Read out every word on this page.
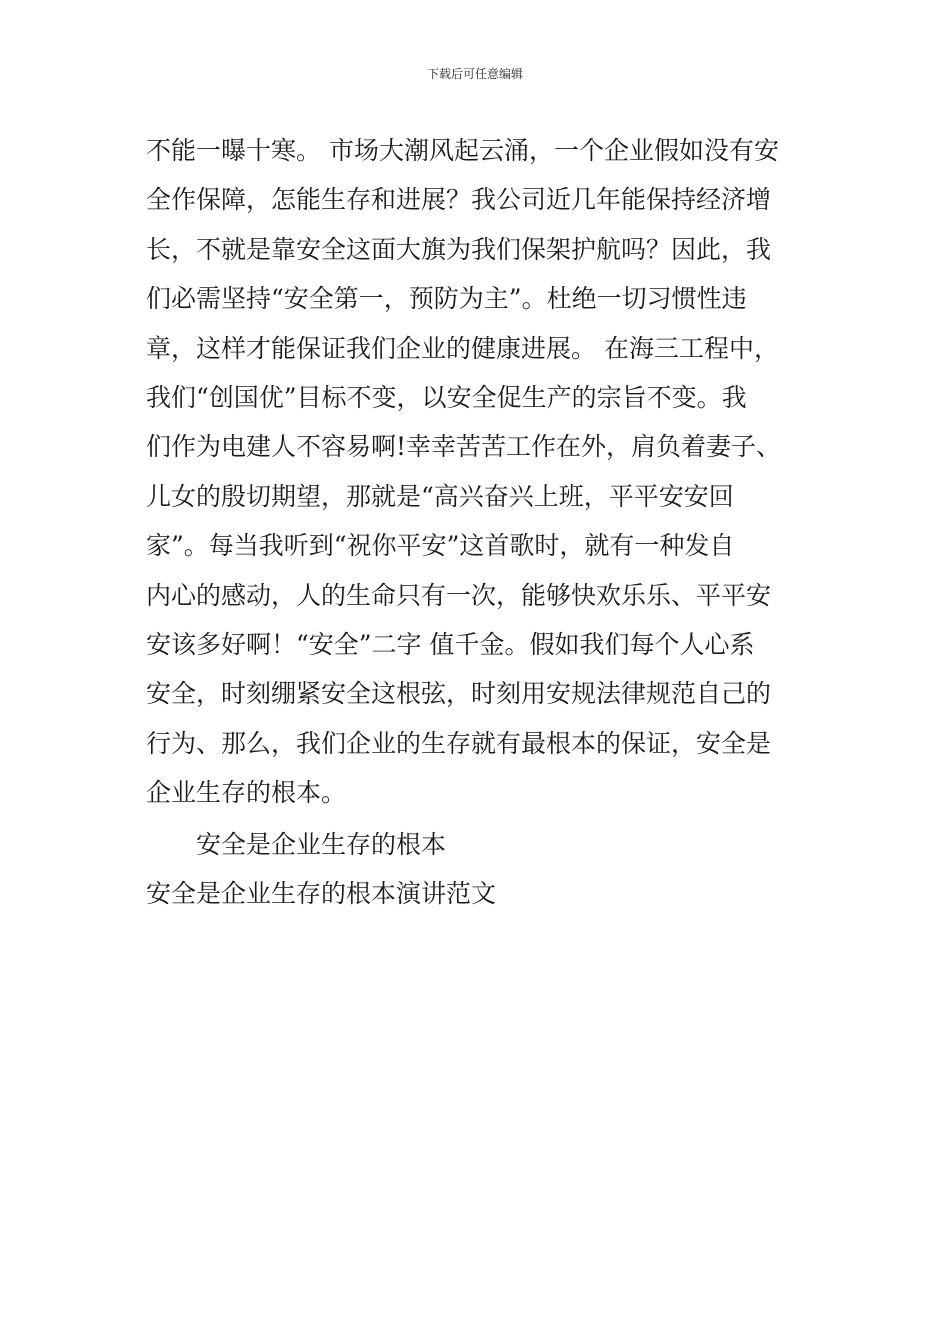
下载后可任意编辑
不能一曝十寒。 市场大潮风起云涌，一个企业假如没有安
全作保障，怎能生存和进展？我公司近几年能保持经济增
长，不就是靠安全这面大旗为我们保架护航吗？因此，我
们必需坚持“安全第一，预防为主”。杜绝一切习惯性违
章，这样才能保证我们企业的健康进展。 在海三工程中，
我们“创国优”目标不变，以安全促生产的宗旨不变。我
们作为电建人不容易啊!幸幸苦苦工作在外，肩负着妻子、
儿女的殷切期望，那就是“高兴奋兴上班，平平安安回
家”。每当我听到“祝你平安”这首歌时，就有一种发自
内心的感动，人的生命只有一次，能够快欢乐乐、平平安
安该多好啊！“安全”二字 值千金。假如我们每个人心系
安全，时刻绷紧安全这根弦，时刻用安规法律规范自己的
行为、那么，我们企业的生存就有最根本的保证，安全是
企业生存的根本。
安全是企业生存的根本
安全是企业生存的根本演讲范文
